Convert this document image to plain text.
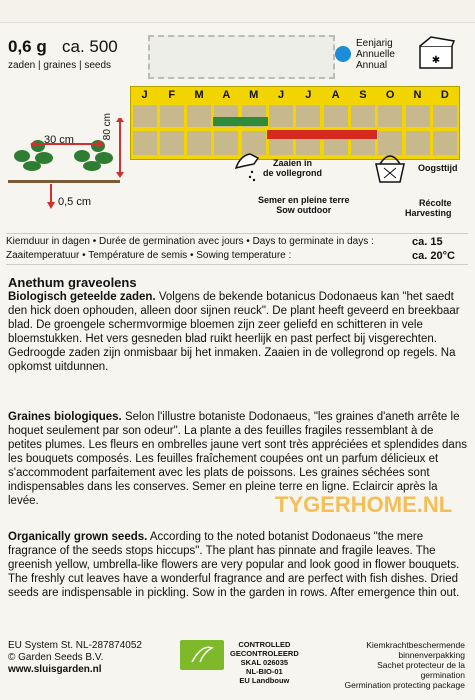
0,6 g ca. 500
zaden | graines | seeds
Eenjarig
Annuelle
Annual	✱
J	F	M	A	M	J	J	A	S	O	N	D
80 cm
30 cm
0,5 cm
Zaaien in
de vollegrond
Semer en pleine terre
Sow outdoor
Oogsttijd
Récolte
Harvesting
Kiemduur in dagen • Durée de germination avec jours • Days to germinate in days :	ca. 15
Zaaitemperatuur • Température de semis • Sowing temperature :	ca. 20°C
Anethum graveolens
Biologisch geteelde zaden. Volgens de bekende botanicus Dodonaeus kan "het saedt den hick doen ophouden, alleen door sijnen reuck". De plant heeft geveerd en breekbaar blad. De groengele schermvormige bloemen zijn zeer geliefd en schitteren in vele bloemstukken. Het vers gesneden blad ruikt heerlijk en past perfect bij visgerechten. Gedroogde zaden zijn onmisbaar bij het inmaken. Zaaien in de vollegrond op regels. Na opkomst uitdunnen.
Graines biologiques. Selon l'illustre botaniste Dodonaeus, "les graines d'aneth arrête le hoquet seulement par son odeur". La plante a des feuilles fragiles ressemblant à de petites plumes. Les fleurs en ombrelles jaune vert sont très appréciées et splendides dans les bouquets composés. Les feuilles fraîchement coupées ont un parfum délicieux et s'accommodent parfaitement avec les plats de poissons. Les graines séchées sont indispensables dans les conserves. Semer en pleine terre en ligne. Eclaircir après la levée.	TYGERHOME.NL
Organically grown seeds. According to the noted botanist Dodonaeus "the mere fragrance of the seeds stops hiccups". The plant has pinnate and fragile leaves. The greenish yellow, umbrella-like flowers are very popular and look good in flower bouquets. The freshly cut leaves have a wonderful fragrance and are perfect with fish dishes. Dried seeds are indispensable in pickling. Sow in the garden in rows. After emergence thin out.
EU System St. NL-287874052
© Garden Seeds B.V.
www.sluisgarden.nl
CONTROLLED
GECONTROLEERD
SKAL 026035
NL-BIO-01
EU Landbouw
Kiemkrachtbeschermende
binnenverpakking
Sachet protecteur de la germination
Germination protecting package
